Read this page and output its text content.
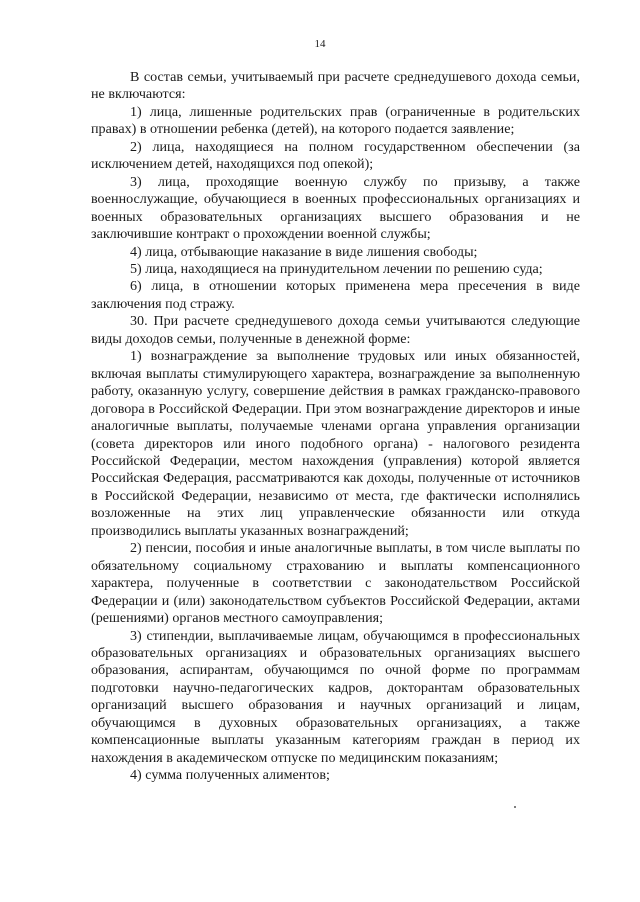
14

В состав семьи, учитываемый при расчете среднедушевого дохода семьи, не включаются:

1) лица, лишенные родительских прав (ограниченные в родительских правах) в отношении ребенка (детей), на которого подается заявление;

2) лица, находящиеся на полном государственном обеспечении (за исключением детей, находящихся под опекой);

3) лица, проходящие военную службу по призыву, а также военнослужащие, обучающиеся в военных профессиональных организациях и военных образовательных организациях высшего образования и не заключившие контракт о прохождении военной службы;

4) лица, отбывающие наказание в виде лишения свободы;

5) лица, находящиеся на принудительном лечении по решению суда;

6) лица, в отношении которых применена мера пресечения в виде заключения под стражу.

30. При расчете среднедушевого дохода семьи учитываются следующие виды доходов семьи, полученные в денежной форме:

1) вознаграждение за выполнение трудовых или иных обязанностей, включая выплаты стимулирующего характера, вознаграждение за выполненную работу, оказанную услугу, совершение действия в рамках гражданско-правового договора в Российской Федерации. При этом вознаграждение директоров и иные аналогичные выплаты, получаемые членами органа управления организации (совета директоров или иного подобного органа) - налогового резидента Российской Федерации, местом нахождения (управления) которой является Российская Федерация, рассматриваются как доходы, полученные от источников в Российской Федерации, независимо от места, где фактически исполнялись возложенные на этих лиц управленческие обязанности или откуда производились выплаты указанных вознаграждений;

2) пенсии, пособия и иные аналогичные выплаты, в том числе выплаты по обязательному социальному страхованию и выплаты компенсационного характера, полученные в соответствии с законодательством Российской Федерации и (или) законодательством субъектов Российской Федерации, актами (решениями) органов местного самоуправления;

3) стипендии, выплачиваемые лицам, обучающимся в профессиональных образовательных организациях и образовательных организациях высшего образования, аспирантам, обучающимся по очной форме по программам подготовки научно-педагогических кадров, докторантам образовательных организаций высшего образования и научных организаций и лицам, обучающимся в духовных образовательных организациях, а также компенсационные выплаты указанным категориям граждан в период их нахождения в академическом отпуске по медицинским показаниям;

4) сумма полученных алиментов;
